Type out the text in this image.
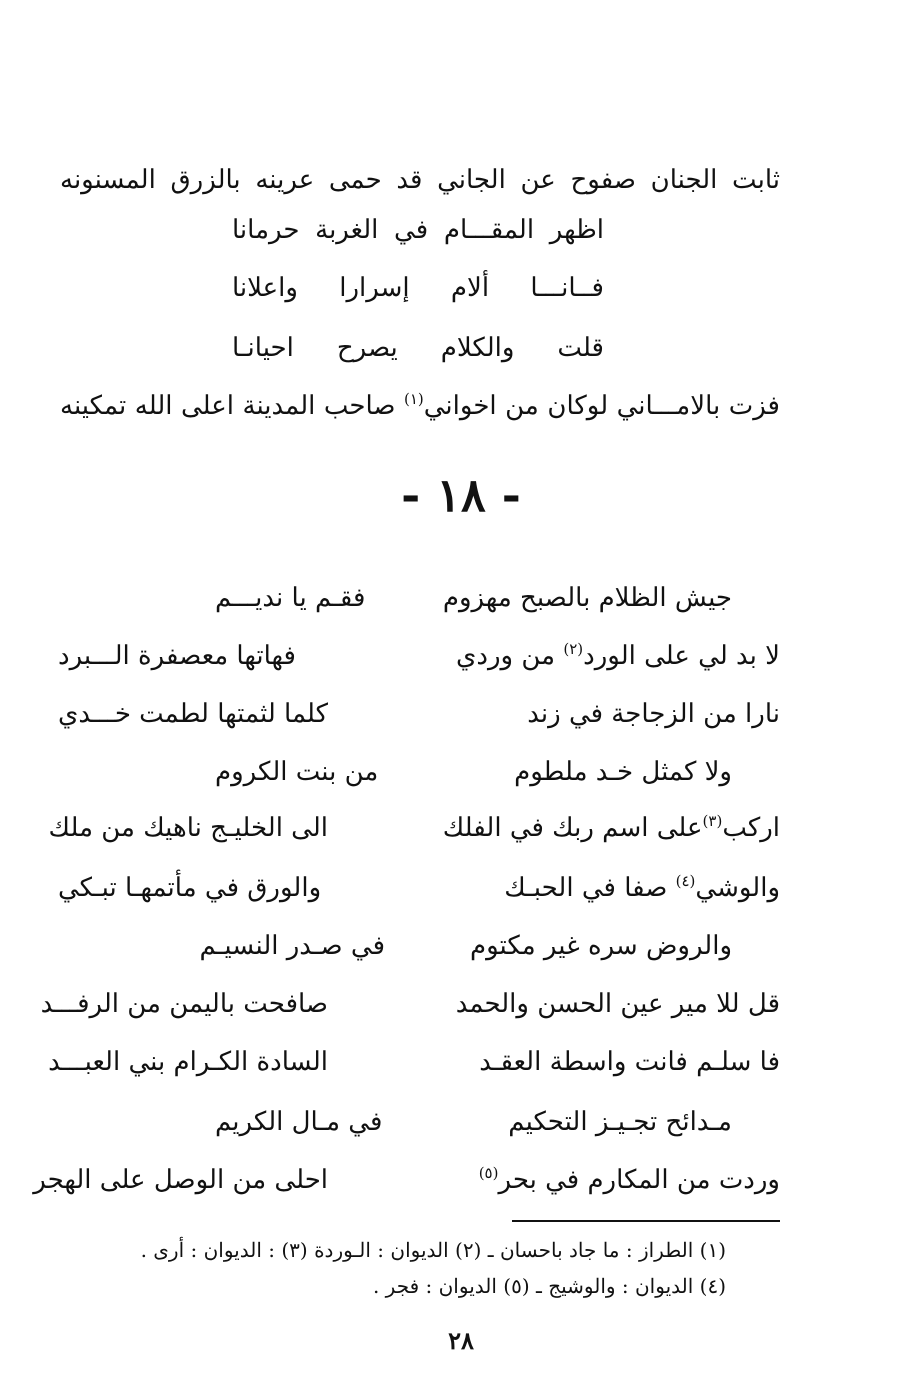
ثابت الجنان صفوح عن الجاني قد حمى عرينه بالزرق المسنونه
اظهر المقـــام في الغربة حرمانا
فــانـــا ألام إسرارا واعلانا
قلت والكلام يصرح احيانـا
فزت بالامـــاني لوكان من اخواني$^{(١)}$ صاحب المدينة اعلى الله تمكينه
- ١٨ -
جيش الظلام بالصبح مهزوم
فقـم يا نديـــم
لا بد لي على الورد$^{(٢)}$ من وردي
فهاتها معصفرة الـــبرد
نارا من الزجاجة في زند
كلما لثمتها لطمت خـــدي
ولا كمثل خـد ملطوم
من بنت الكروم
اركب$^{(٣)}$على اسم ربك في الفلك
الى الخليـج ناهيك من ملك
والوشي$^{(٤)}$ صفا في الحبـك
والورق في مأتمهـا تبـكي
والروض سره غير مكتوم
في صـدر النسيـم
قل للا مير عين الحسن والحمد
صافحت باليمن من الرفـــد
فا سلـم فانت واسطة العقـد
السادة الكـرام بني العبـــد
مـدائح تجـيـز التحكيم
في مـال الكريم
وردت من المكارم في بحر$^{(٥)}$
احلى من الوصل على الهجر
(١) الطراز : ما جاد باحسان ـ (٢) الديوان : الـوردة (٣) : الديوان : أرى .
(٤) الديوان : والوشيج ـ (٥) الديوان : فجر .
٢٨
